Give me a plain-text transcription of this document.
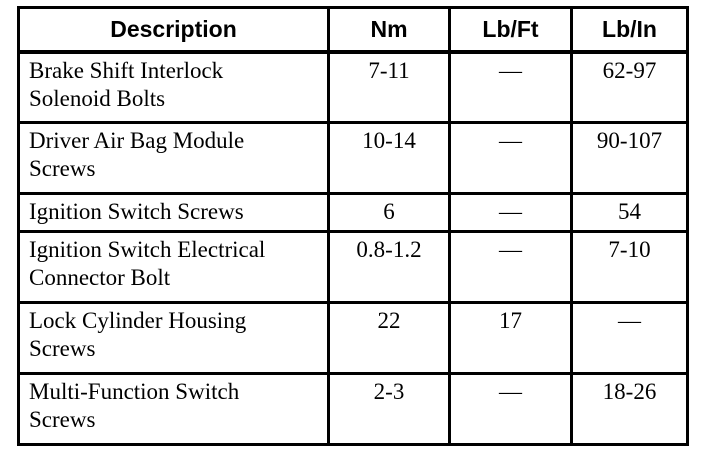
Description	Nm	Lb/Ft	Lb/In
Brake Shift Interlock
Solenoid Bolts	7-11	—	62-97
Driver Air Bag Module
Screws	10-14	—	90-107
Ignition Switch Screws	6	—	54
Ignition Switch Electrical
Connector Bolt	0.8-1.2	—	7-10
Lock Cylinder Housing
Screws	22	17	—
Multi-Function Switch
Screws	2-3	—	18-26
